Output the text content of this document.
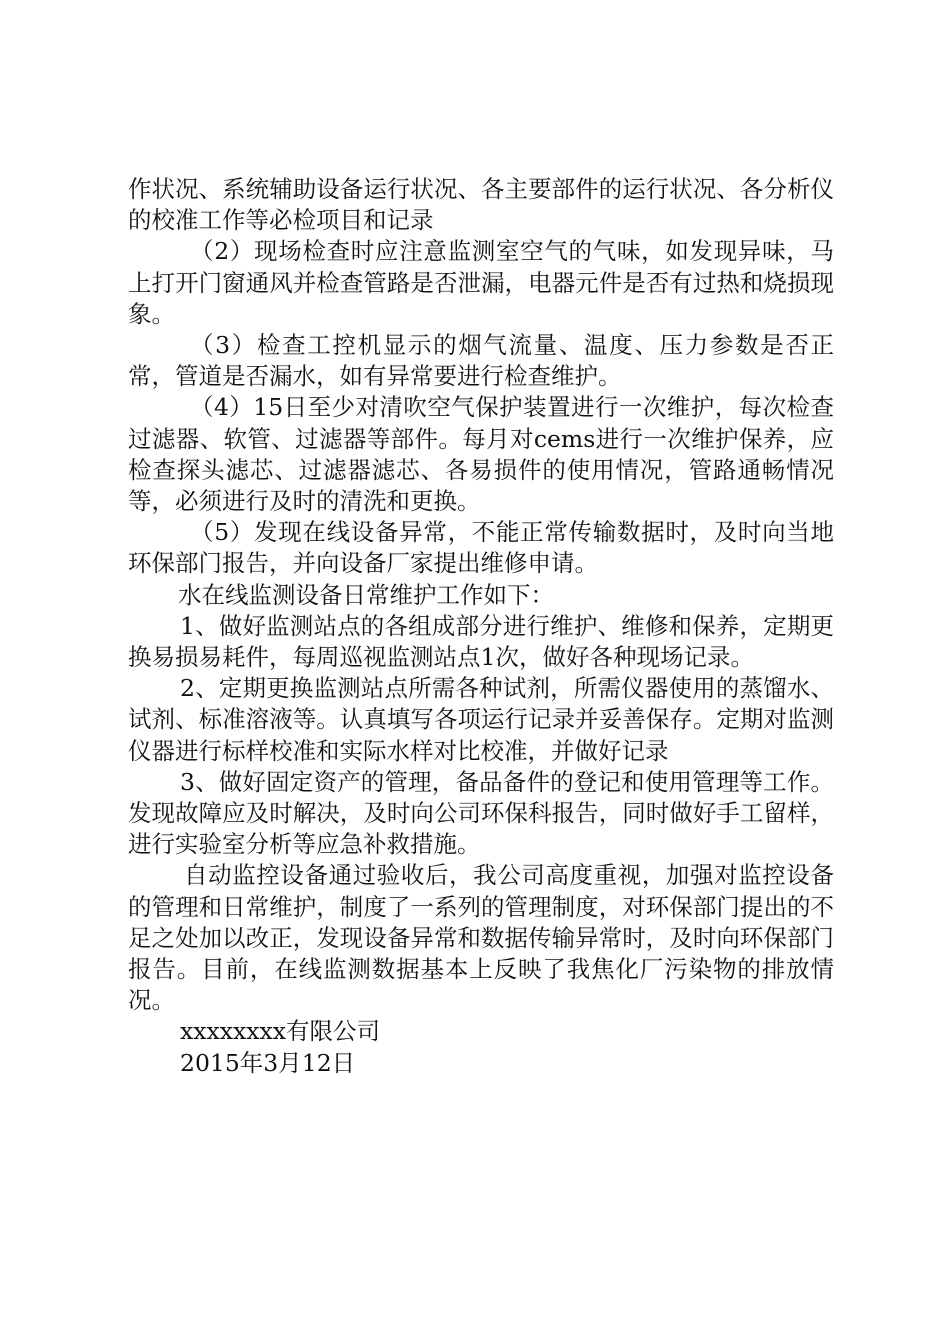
作状况、系统辅助设备运行状况、各主要部件的运行状况、各分析仪的校准工作等必检项目和记录

（2）现场检查时应注意监测室空气的气味，如发现异味，马上打开门窗通风并检查管路是否泄漏，电器元件是否有过热和烧损现象。

（3）检查工控机显示的烟气流量、温度、压力参数是否正常，管道是否漏水，如有异常要进行检查维护。

（4）15日至少对清吹空气保护装置进行一次维护，每次检查过滤器、软管、过滤器等部件。每月对cems进行一次维护保养，应检查探头滤芯、过滤器滤芯、各易损件的使用情况，管路通畅情况等，必须进行及时的清洗和更换。

（5）发现在线设备异常，不能正常传输数据时，及时向当地环保部门报告，并向设备厂家提出维修申请。

水在线监测设备日常维护工作如下：

1、做好监测站点的各组成部分进行维护、维修和保养，定期更换易损易耗件，每周巡视监测站点1次，做好各种现场记录。

2、定期更换监测站点所需各种试剂，所需仪器使用的蒸馏水、试剂、标准溶液等。认真填写各项运行记录并妥善保存。定期对监测仪器进行标样校准和实际水样对比校准，并做好记录

3、做好固定资产的管理，备品备件的登记和使用管理等工作。发现故障应及时解决，及时向公司环保科报告，同时做好手工留样，进行实验室分析等应急补救措施。

自动监控设备通过验收后，我公司高度重视，加强对监控设备的管理和日常维护，制度了一系列的管理制度，对环保部门提出的不足之处加以改正，发现设备异常和数据传输异常时，及时向环保部门报告。目前，在线监测数据基本上反映了我焦化厂污染物的排放情况。

xxxxxxxx有限公司

2015年3月12日
